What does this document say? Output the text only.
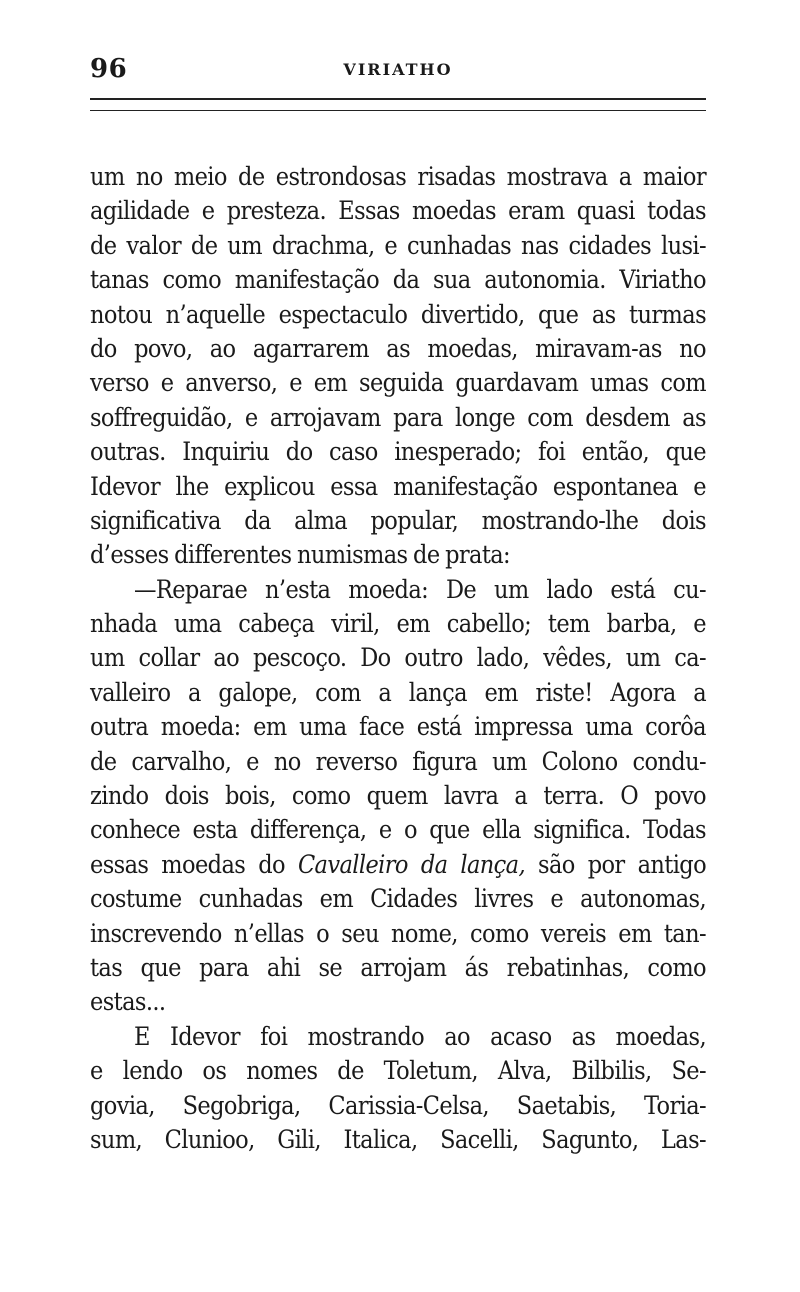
96	VIRIATHO
um no meio de estrondosas risadas mostrava a maior
agilidade e presteza. Essas moedas eram quasi todas
de valor de um drachma, e cunhadas nas cidades lusi-
tanas como manifestação da sua autonomia. Viriatho
notou n’aquelle espectaculo divertido, que as turmas
do povo, ao agarrarem as moedas, miravam-as no
verso e anverso, e em seguida guardavam umas com
soffreguidão, e arrojavam para longe com desdem as
outras. Inquiriu do caso inesperado; foi então, que
Idevor lhe explicou essa manifestação espontanea e
significativa da alma popular, mostrando-lhe dois
d’esses differentes numismas de prata:
—Reparae n’esta moeda: De um lado está cu-
nhada uma cabeça viril, em cabello; tem barba, e
um collar ao pescoço. Do outro lado, vêdes, um ca-
valleiro a galope, com a lança em riste! Agora a
outra moeda: em uma face está impressa uma corôa
de carvalho, e no reverso figura um Colono condu-
zindo dois bois, como quem lavra a terra. O povo
conhece esta differença, e o que ella significa. Todas
essas moedas do Cavalleiro da lança, são por antigo
costume cunhadas em Cidades livres e autonomas,
inscrevendo n’ellas o seu nome, como vereis em tan-
tas que para ahi se arrojam ás rebatinhas, como
estas...
E Idevor foi mostrando ao acaso as moedas,
e lendo os nomes de Toletum, Alva, Bilbilis, Se-
govia, Segobriga, Carissia-Celsa, Saetabis, Toria-
sum, Clunioo, Gili, Italica, Sacelli, Sagunto, Las-
